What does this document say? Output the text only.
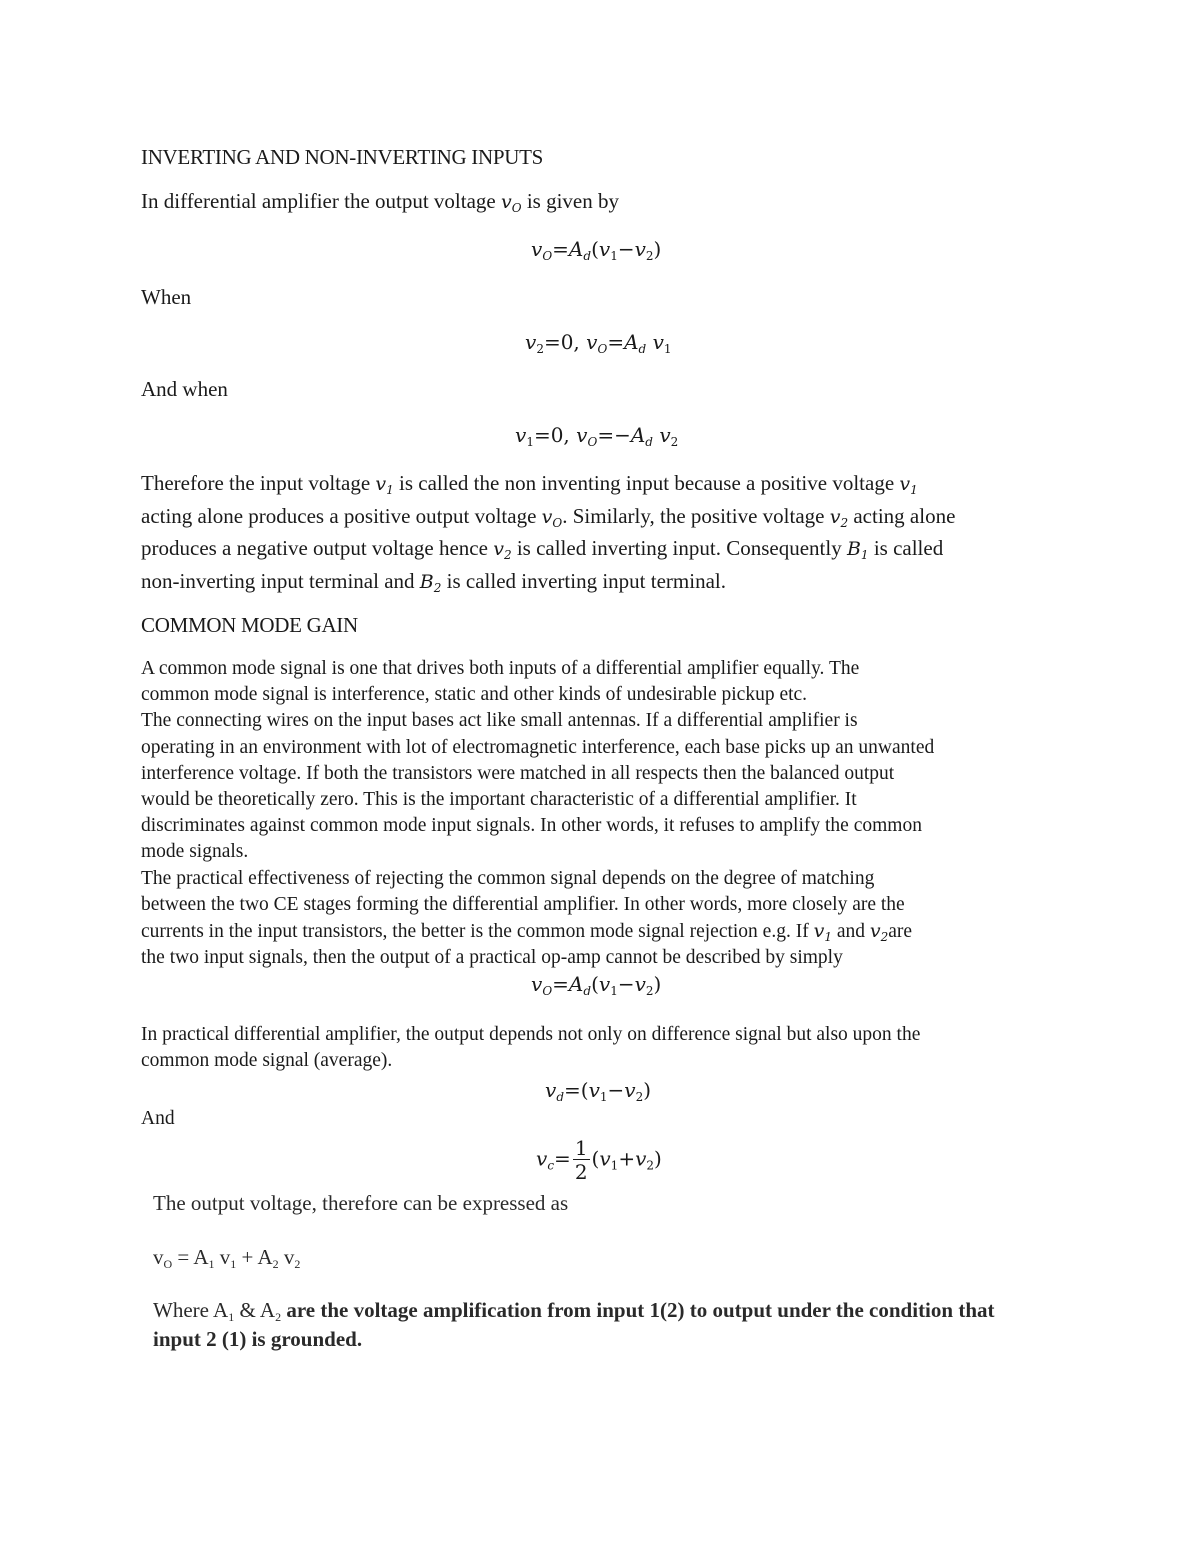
INVERTING AND NON-INVERTING INPUTS

In differential amplifier the output voltage $v_O$ is given by

$v_O=A_d(v_1-v_2)$

When

$v_2=0$, $v_O=A_d$ $v_1$

And when

$v_1=0$, $v_O=-A_d$ $v_2$

Therefore the input voltage $v_1$ is called the non inventing input because a positive voltage $v_1$
acting alone produces a positive output voltage $v_O$. Similarly, the positive voltage $v_2$ acting alone
produces a negative output voltage hence $v_2$ is called inverting input. Consequently $B_1$ is called
non-inverting input terminal and $B_2$ is called inverting input terminal.

COMMON MODE GAIN

A common mode signal is one that drives both inputs of a differential amplifier equally. The
common mode signal is interference, static and other kinds of undesirable pickup etc.
The connecting wires on the input bases act like small antennas. If a differential amplifier is
operating in an environment with lot of electromagnetic interference, each base picks up an unwanted
interference voltage. If both the transistors were matched in all respects then the balanced output
would be theoretically zero. This is the important characteristic of a differential amplifier. It
discriminates against common mode input signals. In other words, it refuses to amplify the common
mode signals.
The practical effectiveness of rejecting the common signal depends on the degree of matching
between the two CE stages forming the differential amplifier. In other words, more closely are the
currents in the input transistors, the better is the common mode signal rejection e.g. If $v_1$ and $v_2are$
the two input signals, then the output of a practical op-amp cannot be described by simply

$v_O=A_d(v_1-v_2)$

In practical differential amplifier, the output depends not only on difference signal but also upon the
common mode signal (average).

$v_d=(v_1-v_2)$

And

$v_c= \frac{1}{2} (v_1+v_2)$

The output voltage, therefore can be expressed as

$v_O = A_1$ $v_1 + A_2$ $v_2$

Where $A_1$ & $A_2$ are the voltage amplification from input 1(2) to output under the condition that
input 2 (1) is grounded.
